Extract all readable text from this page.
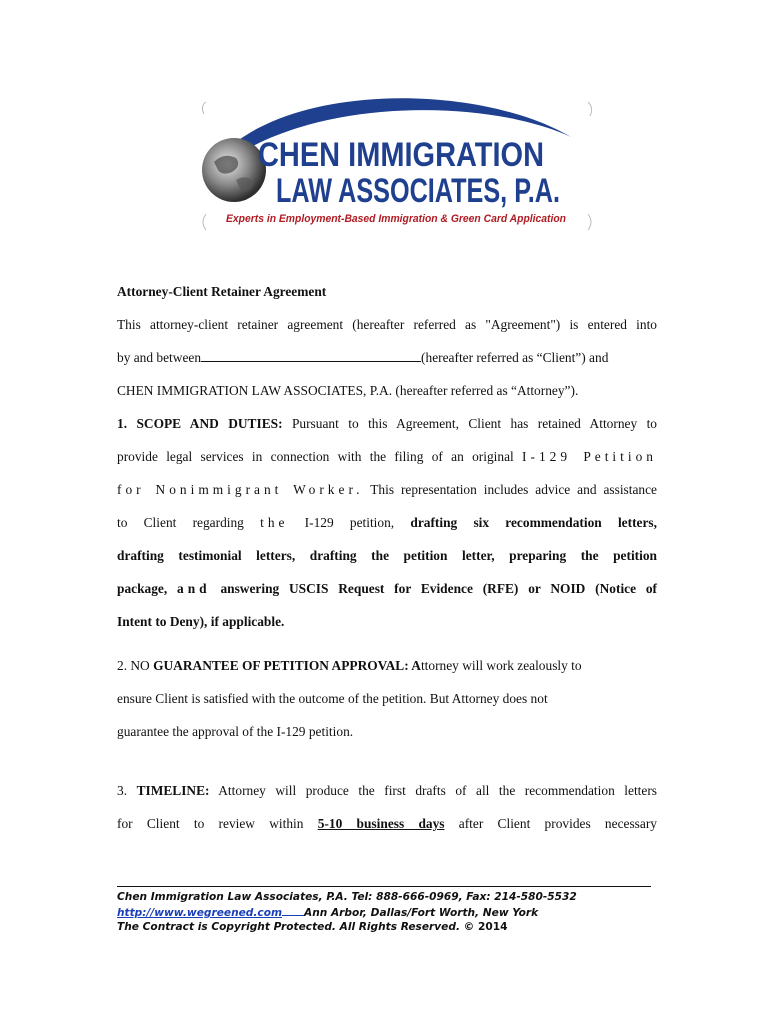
CHEN IMMIGRATION
LAW ASSOCIATES, P.A.
Experts in Employment-Based Immigration & Green Card Application
Attorney-Client Retainer Agreement
This attorney-client retainer agreement (hereafter referred as "Agreement") is entered into
by and between	(hereafter referred as “Client”) and
CHEN IMMIGRATION LAW ASSOCIATES, P.A. (hereafter referred as “Attorney”).
1. SCOPE AND DUTIES: Pursuant to this Agreement, Client has retained Attorney to
provide legal services in connection with the filing of an original I-129 Petition
for Nonimmigrant Worker. This representation includes advice and assistance
to Client regarding the I-129 petition, drafting six recommendation letters,
drafting testimonial letters, drafting the petition letter, preparing the petition
package, and answering USCIS Request for Evidence (RFE) or NOID (Notice of
Intent to Deny), if applicable.
2. NO GUARANTEE OF PETITION APPROVAL: Attorney will work zealously to
ensure Client is satisfied with the outcome of the petition. But Attorney does not
guarantee the approval of the I-129 petition.
3. TIMELINE: Attorney will produce the first drafts of all the recommendation letters
for Client to review within 5-10 business days after Client provides necessary
Chen Immigration Law Associates, P.A. Tel: 888-666-0969, Fax: 214-580-5532
http://www.wegreened.com Ann Arbor, Dallas/Fort Worth, New York
The Contract is Copyright Protected. All Rights Reserved. © 2014
